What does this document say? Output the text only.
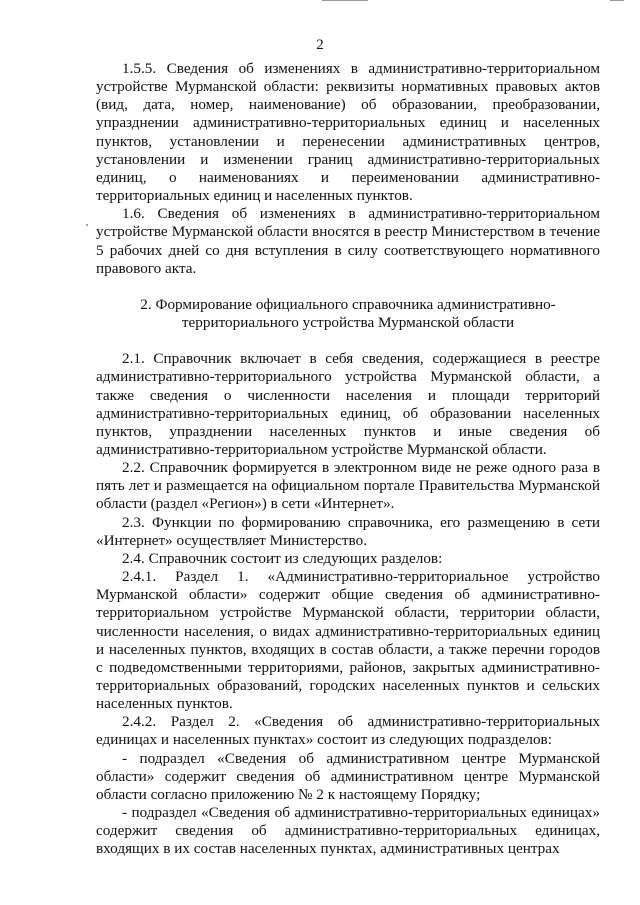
2

1.5.5. Сведения об изменениях в административно-территориальном устройстве Мурманской области: реквизиты нормативных правовых актов (вид, дата, номер, наименование) об образовании, преобразовании, упразднении административно-территориальных единиц и населенных пунктов, установлении и перенесении административных центров, установлении и изменении границ административно-территориальных единиц, о наименованиях и переименовании административно-территориальных единиц и населенных пунктов.

1.6. Сведения об изменениях в административно-территориальном устройстве Мурманской области вносятся в реестр Министерством в течение 5 рабочих дней со дня вступления в силу соответствующего нормативного правового акта.

2. Формирование официального справочника административно-
территориального устройства Мурманской области

2.1. Справочник включает в себя сведения, содержащиеся в реестре административно-территориального устройства Мурманской области, а также сведения о численности населения и площади территорий административно-территориальных единиц, об образовании населенных пунктов, упразднении населенных пунктов и иные сведения об административно-территориальном устройстве Мурманской области.

2.2. Справочник формируется в электронном виде не реже одного раза в пять лет и размещается на официальном портале Правительства Мурманской области (раздел «Регион») в сети «Интернет».

2.3. Функции по формированию справочника, его размещению в сети «Интернет» осуществляет Министерство.

2.4. Справочник состоит из следующих разделов:

2.4.1. Раздел 1. «Административно-территориальное устройство Мурманской области» содержит общие сведения об административно-территориальном устройстве Мурманской области, территории области, численности населения, о видах административно-территориальных единиц и населенных пунктов, входящих в состав области, а также перечни городов с подведомственными территориями, районов, закрытых административно-территориальных образований, городских населенных пунктов и сельских населенных пунктов.

2.4.2. Раздел 2. «Сведения об административно-территориальных единицах и населенных пунктах» состоит из следующих подразделов:

- подраздел «Сведения об административном центре Мурманской области» содержит сведения об административном центре Мурманской области согласно приложению № 2 к настоящему Порядку;

- подраздел «Сведения об административно-территориальных единицах» содержит сведения об административно-территориальных единицах, входящих в их состав населенных пунктах, административных центрах
